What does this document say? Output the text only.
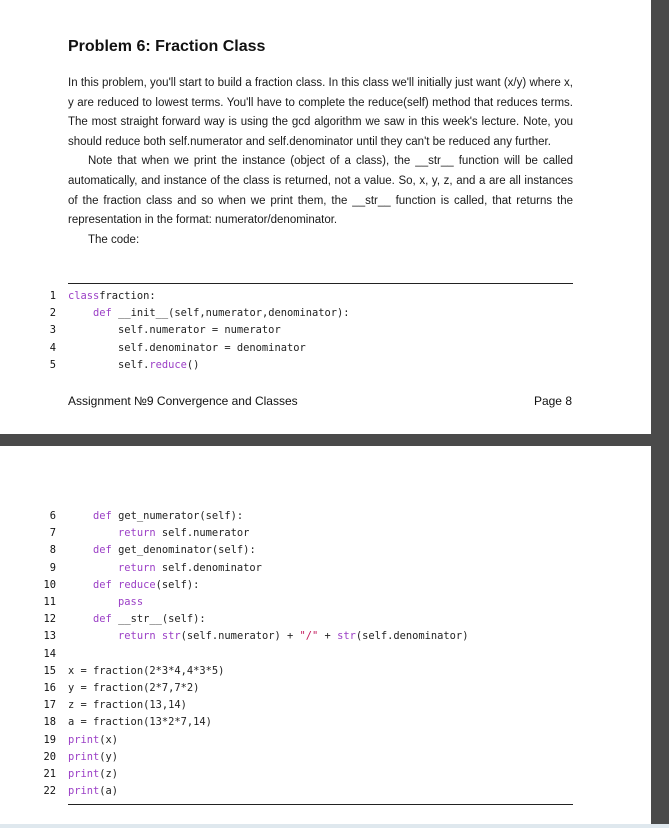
Problem 6: Fraction Class

In this problem, you'll start to build a fraction class. In this class we'll initially just want (x/y) where x, y are reduced to lowest terms. You'll have to complete the reduce(self) method that reduces terms. The most straight forward way is using the gcd algorithm we saw in this week's lecture. Note, you should reduce both self.numerator and self.denominator until they can't be reduced any further.

Note that when we print the instance (object of a class), the __str__ function will be called automatically, and instance of the class is returned, not a value. So, x, y, z, and a are all instances of the fraction class and so when we print them, the __str__ function is called, that returns the representation in the format: numerator/denominator.

The code:

1 classfraction:
2	def __init__(self,numerator,denominator):
3	self.numerator = numerator
4	self.denominator = denominator
5	self.reduce()
Assignment №9 Convergence and Classes	Page 8
6	def get_numerator(self):
7	return self.numerator
8	def get_denominator(self):
9	return self.denominator
10	def reduce(self):
11	pass
12	def __str__(self):
13	return str(self.numerator) + "/" + str(self.denominator)
14
15 x = fraction(2*3*4,4*3*5)
16 y = fraction(2*7,7*2)
17 z = fraction(13,14)
18 a = fraction(13*2*7,14)
19 print(x)
20 print(y)
21 print(z)
22 print(a)
